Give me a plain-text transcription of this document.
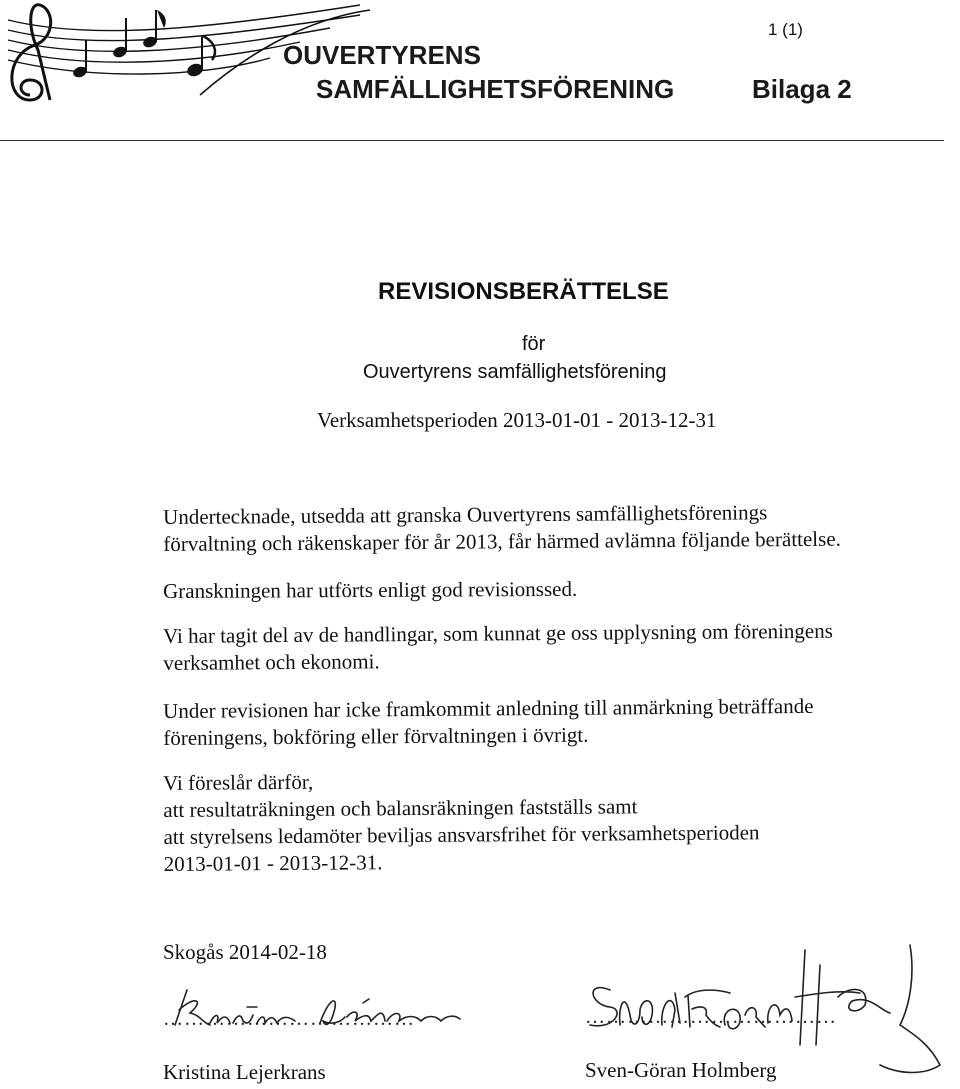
1 (1)
OUVERTYRENS
SAMFÄLLIGHETSFÖRENING	Bilaga 2
REVISIONSBERÄTTELSE
för
Ouvertyrens samfällighetsförening
Verksamhetsperioden 2013-01-01 - 2013-12-31
Undertecknade, utsedda att granska Ouvertyrens samfällighetsförenings
förvaltning och räkenskaper för år 2013, får härmed avlämna följande berättelse.
Granskningen har utförts enligt god revisionssed.
Vi har tagit del av de handlingar, som kunnat ge oss upplysning om föreningens
verksamhet och ekonomi.
Under revisionen har icke framkommit anledning till anmärkning beträffande
föreningens, bokföring eller förvaltningen i övrigt.
Vi föreslår därför,
att resultaträkningen och balansräkningen fastställs samt
att styrelsens ledamöter beviljas ansvarsfrihet för verksamhetsperioden
2013-01-01 - 2013-12-31.
Skogås 2014-02-18
………………………………	………………………………
Kristina Lejerkrans	Sven-Göran Holmberg
